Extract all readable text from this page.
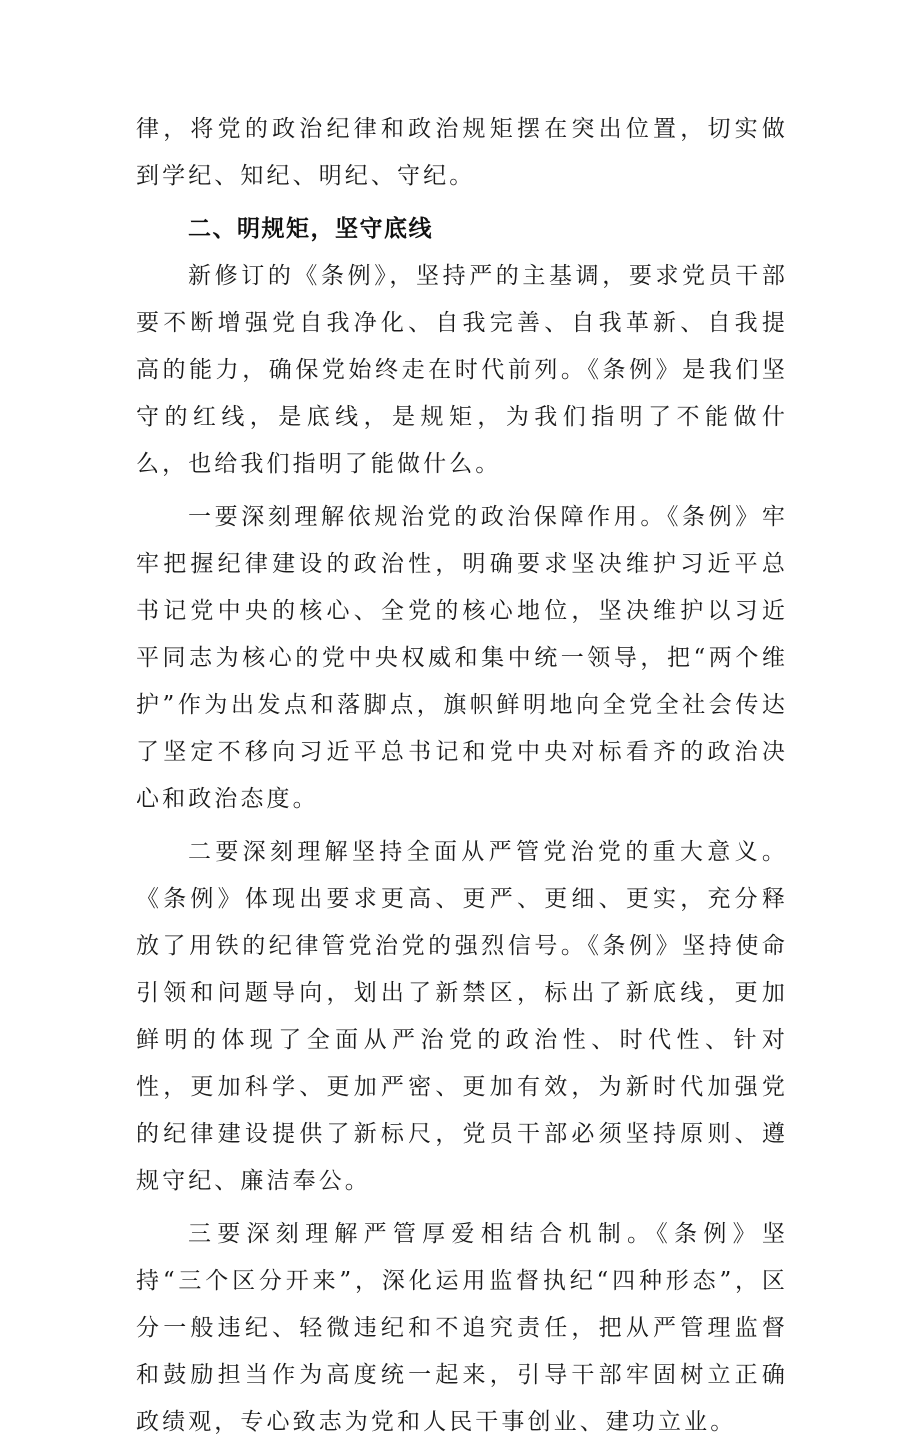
律，将党的政治纪律和政治规矩摆在突出位置，切实做到学纪、知纪、明纪、守纪。

二、明规矩，坚守底线

新修订的《条例》，坚持严的主基调，要求党员干部要不断增强党自我净化、自我完善、自我革新、自我提高的能力，确保党始终走在时代前列。《条例》是我们坚守的红线，是底线，是规矩，为我们指明了不能做什么，也给我们指明了能做什么。

一要深刻理解依规治党的政治保障作用。《条例》牢牢把握纪律建设的政治性，明确要求坚决维护习近平总书记党中央的核心、全党的核心地位，坚决维护以习近平同志为核心的党中央权威和集中统一领导，把“两个维护”作为出发点和落脚点，旗帜鲜明地向全党全社会传达了坚定不移向习近平总书记和党中央对标看齐的政治决心和政治态度。

二要深刻理解坚持全面从严管党治党的重大意义。《条例》体现出要求更高、更严、更细、更实，充分释放了用铁的纪律管党治党的强烈信号。《条例》坚持使命引领和问题导向，划出了新禁区，标出了新底线，更加鲜明的体现了全面从严治党的政治性、时代性、针对性，更加科学、更加严密、更加有效，为新时代加强党的纪律建设提供了新标尺，党员干部必须坚持原则、遵规守纪、廉洁奉公。

三要深刻理解严管厚爱相结合机制。《条例》坚持“三个区分开来”，深化运用监督执纪“四种形态”，区分一般违纪、轻微违纪和不追究责任，把从严管理监督和鼓励担当作为高度统一起来，引导干部牢固树立正确政绩观，专心致志为党和人民干事创业、建功立业。
